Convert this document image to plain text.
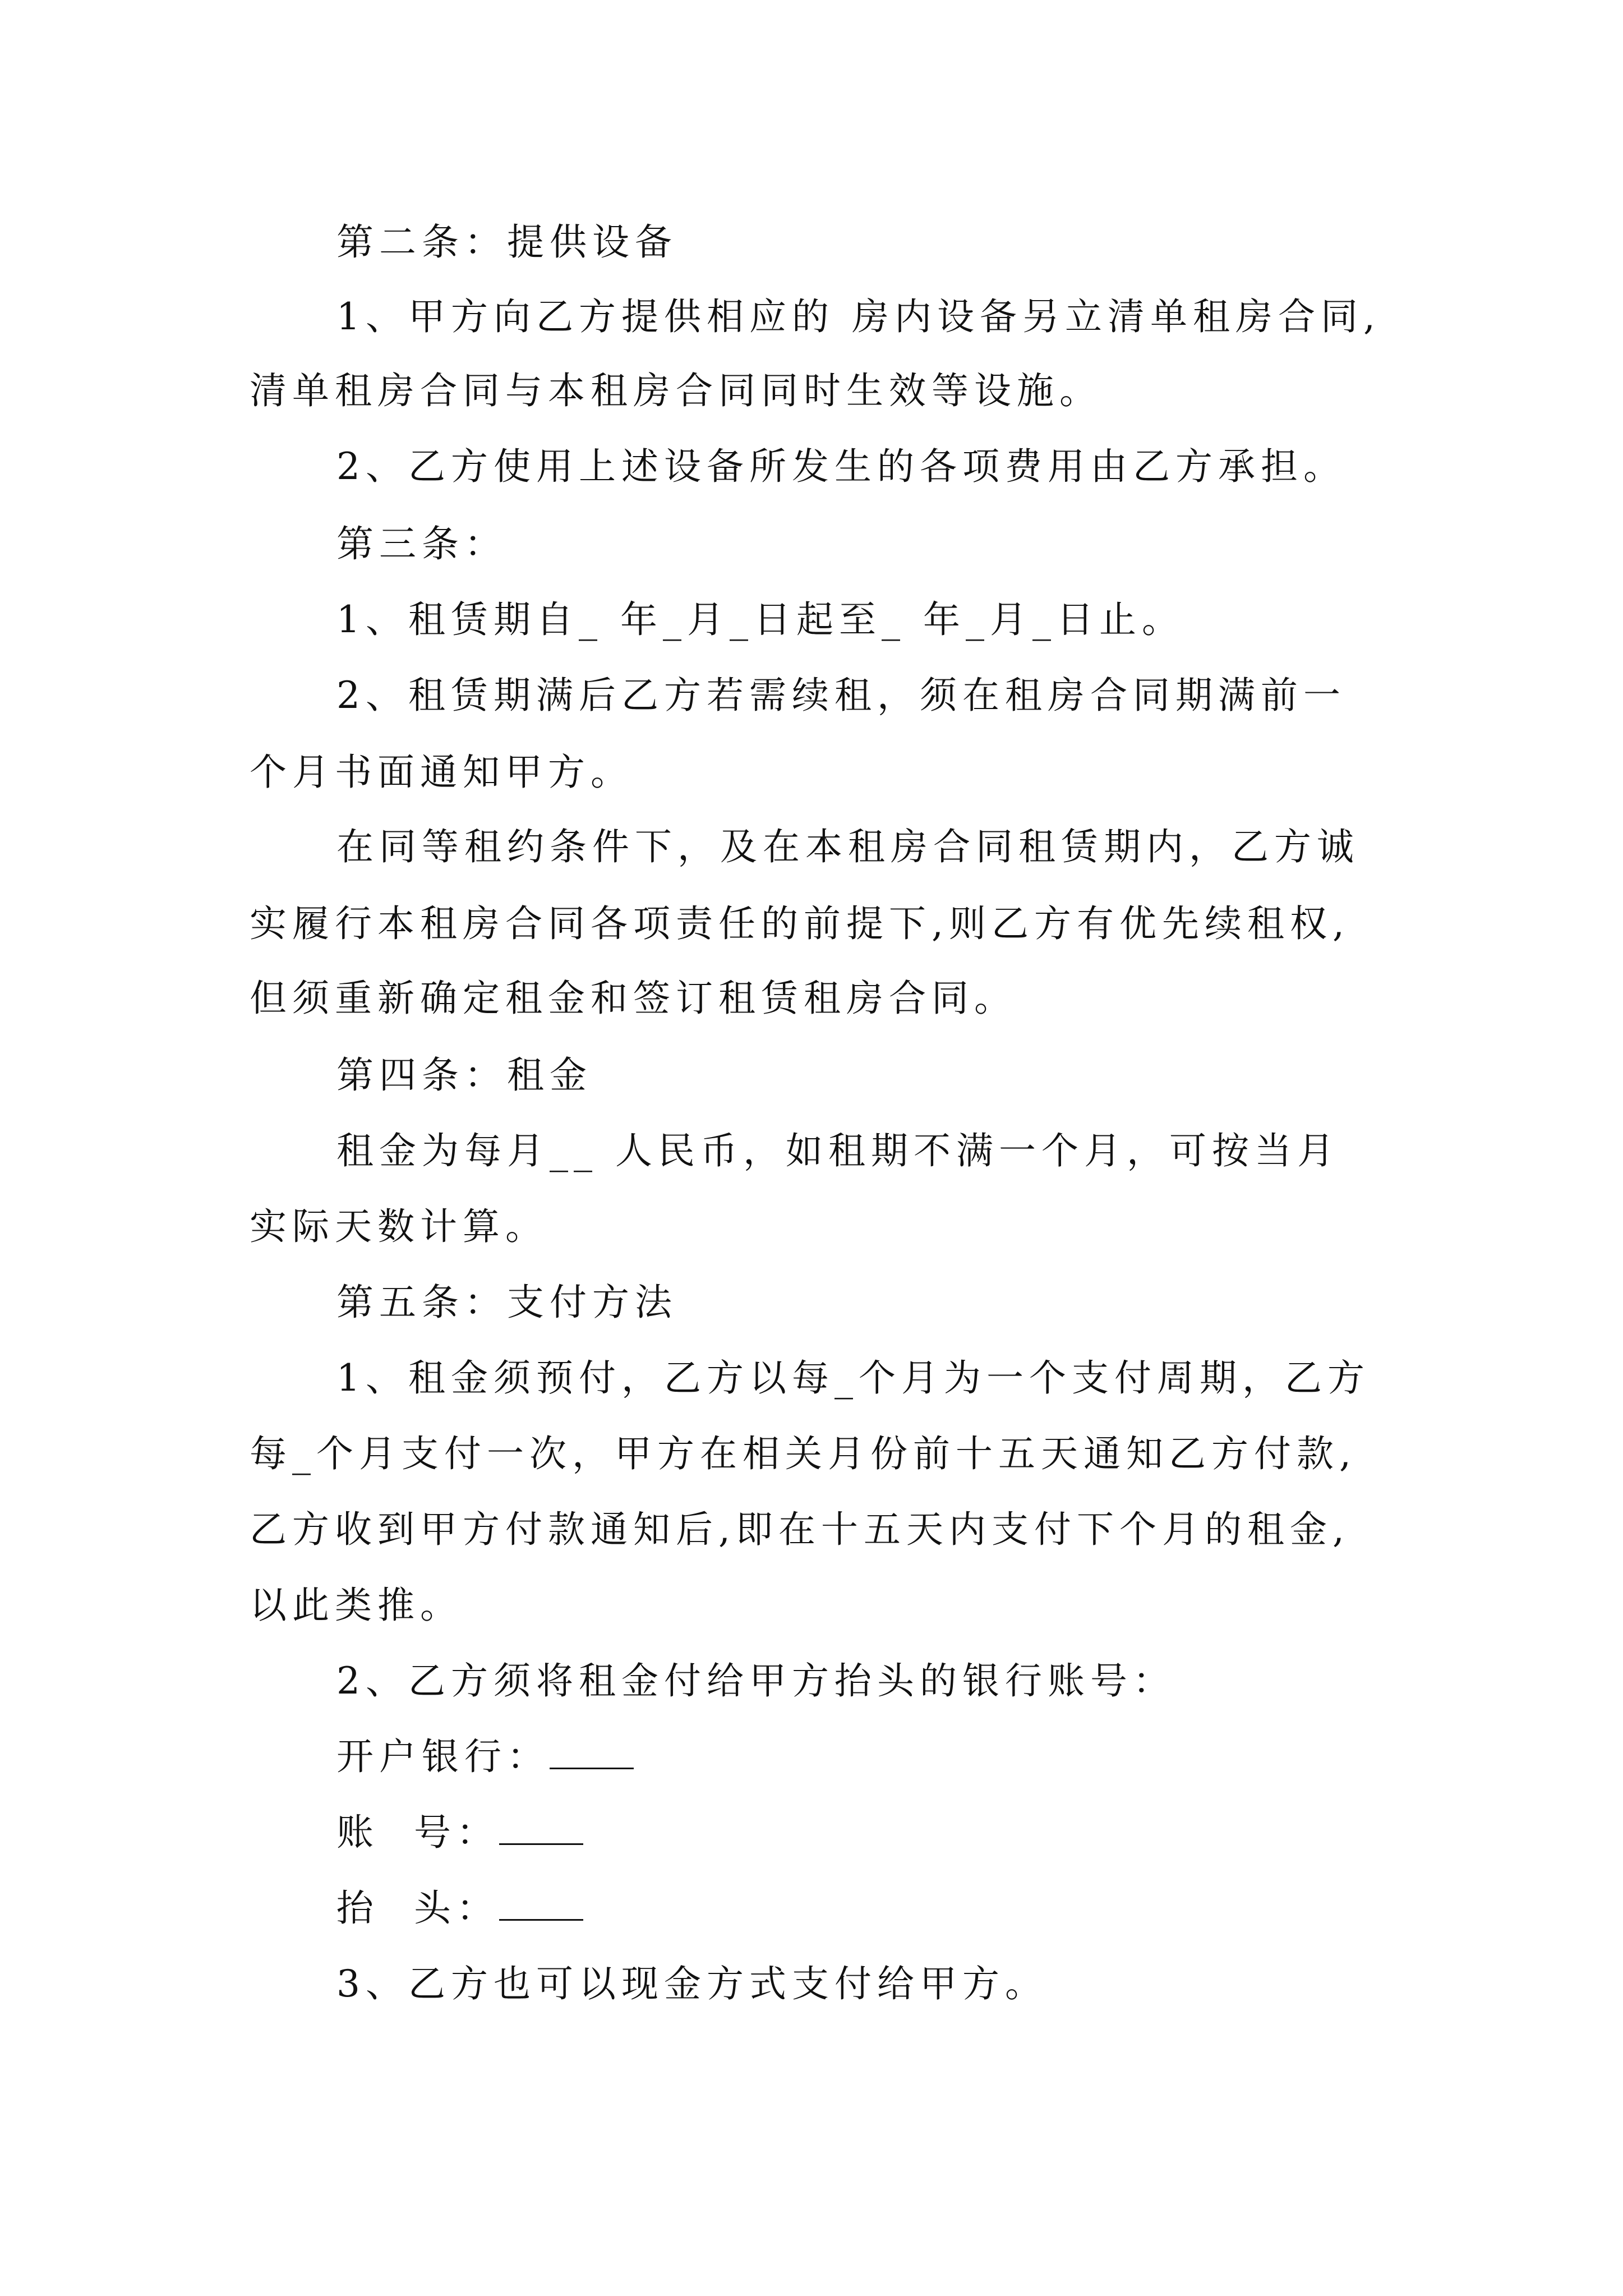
第二条：提供设备
1、甲方向乙方提供相应的 房内设备另立清单租房合同,
清单租房合同与本租房合同同时生效等设施。
2、乙方使用上述设备所发生的各项费用由乙方承担。
第三条：
1、租赁期自_ 年_月_日起至_ 年_月_日止。
2、租赁期满后乙方若需续租，须在租房合同期满前一
个月书面通知甲方。
在同等租约条件下，及在本租房合同租赁期内，乙方诚
实履行本租房合同各项责任的前提下,则乙方有优先续租权,
但须重新确定租金和签订租赁租房合同。
第四条：租金
租金为每月__ 人民币，如租期不满一个月，可按当月
实际天数计算。
第五条：支付方法
1、租金须预付，乙方以每_个月为一个支付周期，乙方
每_个月支付一次，甲方在相关月份前十五天通知乙方付款,
乙方收到甲方付款通知后,即在十五天内支付下个月的租金,
以此类推。
2、乙方须将租金付给甲方抬头的银行账号：
开户银行：
账  号：
抬  头：
3、乙方也可以现金方式支付给甲方。
